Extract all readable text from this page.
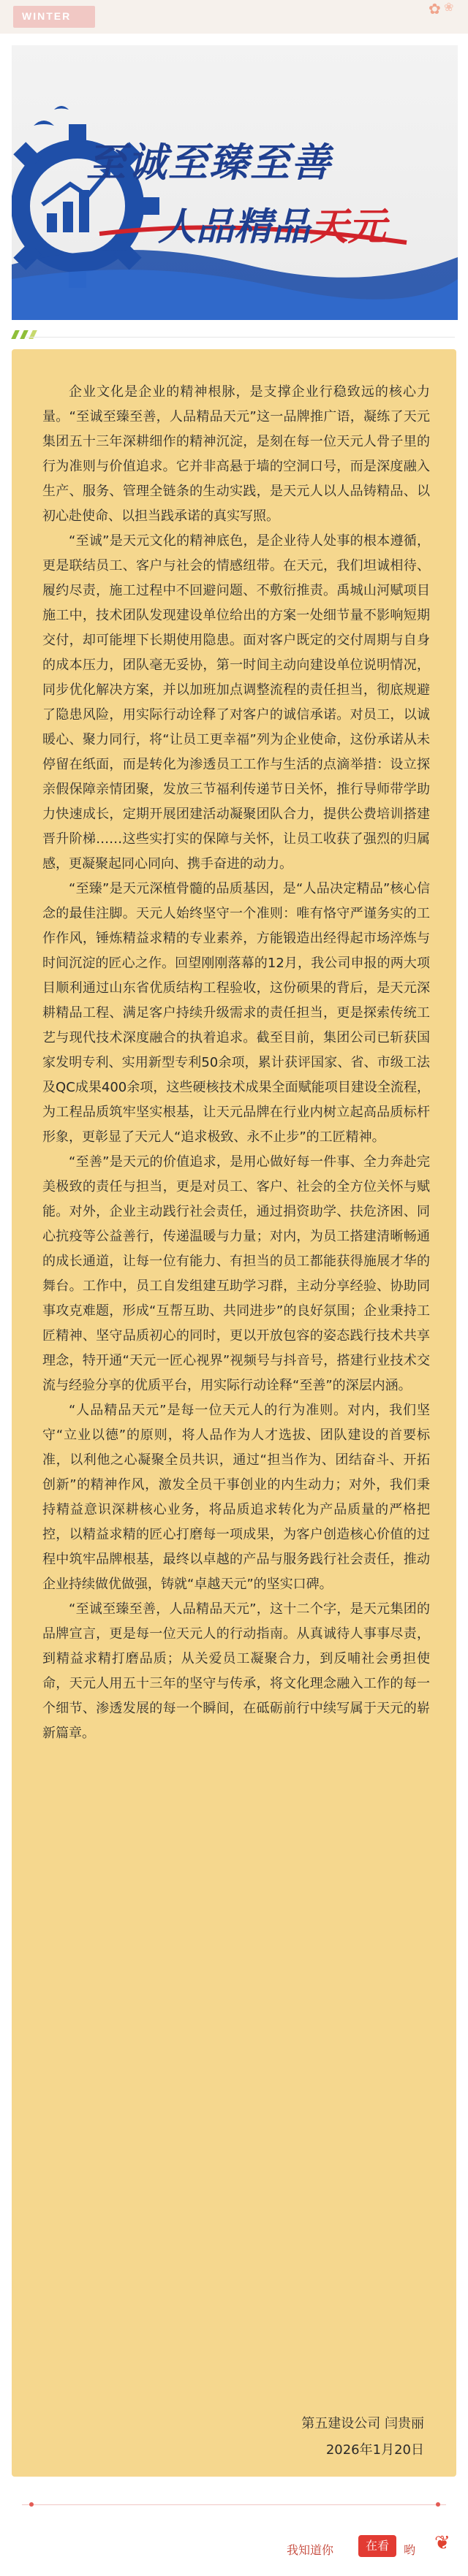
WINTER	✿ ❀
至诚至臻至善
人品精品天元

企业文化是企业的精神根脉，是支撑企业行稳致远的核心力量。“至诚至臻至善，人品精品天元”这一品牌推广语，凝练了天元集团五十三年深耕细作的精神沉淀，是刻在每一位天元人骨子里的行为准则与价值追求。它并非高悬于墙的空洞口号，而是深度融入生产、服务、管理全链条的生动实践，是天元人以人品铸精品、以初心赴使命、以担当践承诺的真实写照。

“至诚”是天元文化的精神底色，是企业待人处事的根本遵循，更是联结员工、客户与社会的情感纽带。在天元，我们坦诚相待、履约尽责，施工过程中不回避问题、不敷衍推责。禹城山河赋项目施工中，技术团队发现建设单位给出的方案一处细节量不影响短期交付，却可能埋下长期使用隐患。面对客户既定的交付周期与自身的成本压力，团队毫无妥协，第一时间主动向建设单位说明情况，同步优化解决方案，并以加班加点调整流程的责任担当，彻底规避了隐患风险，用实际行动诠释了对客户的诚信承诺。对员工，以诚暖心、聚力同行，将“让员工更幸福”列为企业使命，这份承诺从未停留在纸面，而是转化为渗透员工工作与生活的点滴举措：设立探亲假保障亲情团聚，发放三节福利传递节日关怀，推行导师带学助力快速成长，定期开展团建活动凝聚团队合力，提供公费培训搭建晋升阶梯……这些实打实的保障与关怀，让员工收获了强烈的归属感，更凝聚起同心同向、携手奋进的动力。

“至臻”是天元深植骨髓的品质基因，是“人品决定精品”核心信念的最佳注脚。天元人始终坚守一个准则：唯有恪守严谨务实的工作作风，锤炼精益求精的专业素养，方能锻造出经得起市场淬炼与时间沉淀的匠心之作。回望刚刚落幕的12月，我公司申报的两大项目顺利通过山东省优质结构工程验收，这份硕果的背后，是天元深耕精品工程、满足客户持续升级需求的责任担当，更是探索传统工艺与现代技术深度融合的执着追求。截至目前，集团公司已斩获国家发明专利、实用新型专利50余项，累计获评国家、省、市级工法及QC成果400余项，这些硬核技术成果全面赋能项目建设全流程，为工程品质筑牢坚实根基，让天元品牌在行业内树立起高品质标杆形象，更彰显了天元人“追求极致、永不止步”的工匠精神。

“至善”是天元的价值追求，是用心做好每一件事、全力奔赴完美极致的责任与担当，更是对员工、客户、社会的全方位关怀与赋能。对外，企业主动践行社会责任，通过捐资助学、扶危济困、同心抗疫等公益善行，传递温暖与力量；对内，为员工搭建清晰畅通的成长通道，让每一位有能力、有担当的员工都能获得施展才华的舞台。工作中，员工自发组建互助学习群，主动分享经验、协助同事攻克难题，形成“互帮互助、共同进步”的良好氛围；企业秉持工匠精神、坚守品质初心的同时，更以开放包容的姿态践行技术共享理念，特开通“天元一匠心视界”视频号与抖音号，搭建行业技术交流与经验分享的优质平台，用实际行动诠释“至善”的深层内涵。

“人品精品天元”是每一位天元人的行为准则。对内，我们坚守“立业以德”的原则，将人品作为人才选拔、团队建设的首要标准，以利他之心凝聚全员共识，通过“担当作为、团结奋斗、开拓创新”的精神作风，激发全员干事创业的内生动力；对外，我们秉持精益意识深耕核心业务，将品质追求转化为产品质量的严格把控，以精益求精的匠心打磨每一项成果，为客户创造核心价值的过程中筑牢品牌根基，最终以卓越的产品与服务践行社会责任，推动企业持续做优做强，铸就“卓越天元”的坚实口碑。

“至诚至臻至善，人品精品天元”，这十二个字，是天元集团的品牌宣言，更是每一位天元人的行动指南。从真诚待人事事尽责，到精益求精打磨品质；从关爱员工凝聚合力，到反哺社会勇担使命，天元人用五十三年的坚守与传承，将文化理念融入工作的每一个细节、渗透发展的每一个瞬间，在砥砺前行中续写属于天元的崭新篇章。

第五建设公司 闫贵丽
2026年1月20日
我知道你	在看	哟 ❦
